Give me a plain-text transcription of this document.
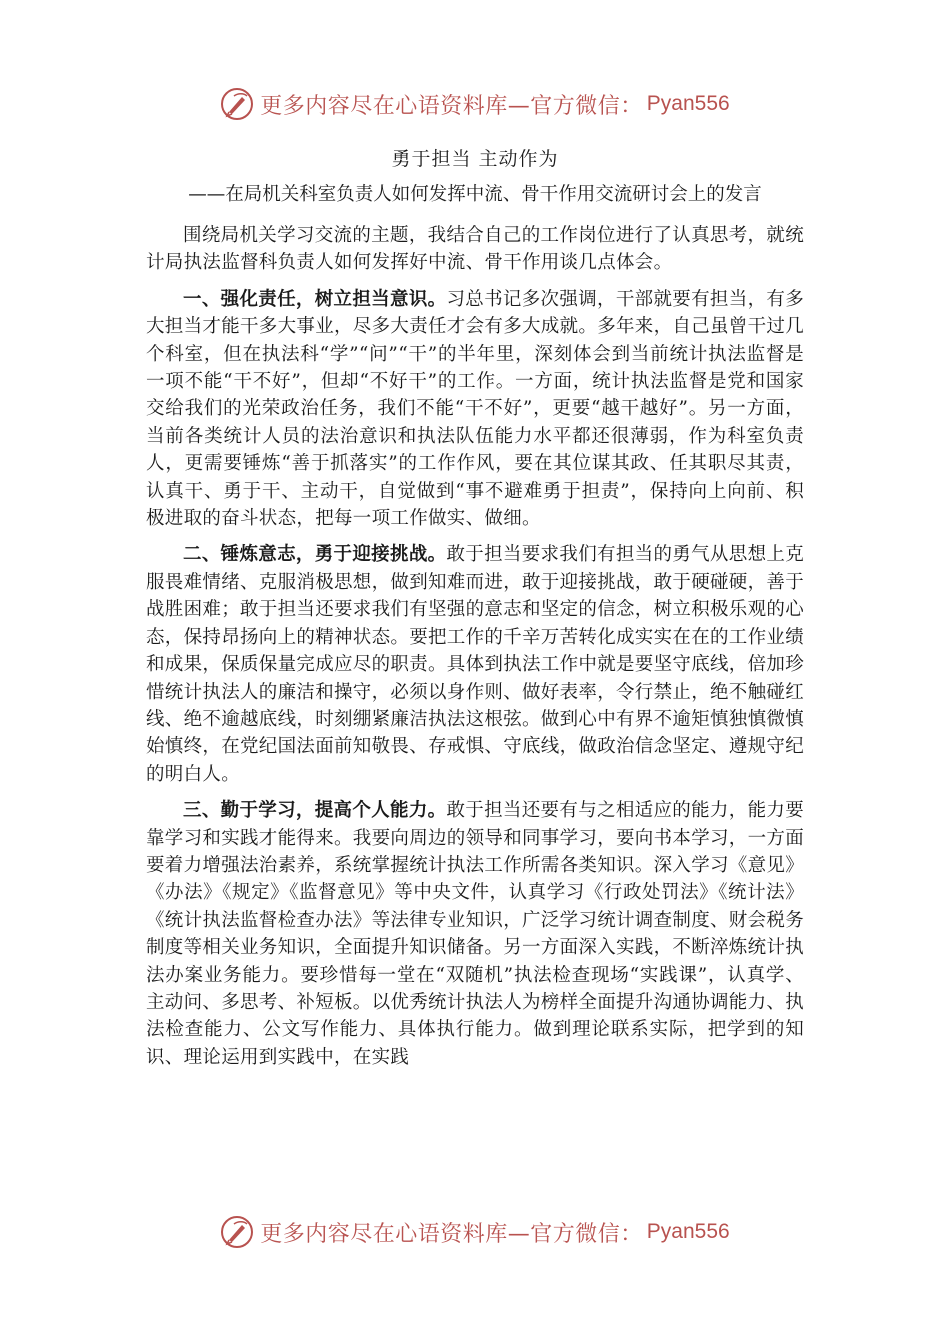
更多内容尽在心语资料库—官方微信： Pyan556
勇于担当 主动作为
——在局机关科室负责人如何发挥中流、骨干作用交流研讨会上的发言

围绕局机关学习交流的主题，我结合自己的工作岗位进行了认真思考，就统计局执法监督科负责人如何发挥好中流、骨干作用谈几点体会。

一、强化责任，树立担当意识。习总书记多次强调，干部就要有担当，有多大担当才能干多大事业，尽多大责任才会有多大成就。多年来，自己虽曾干过几个科室，但在执法科“学”“问”“干”的半年里，深刻体会到当前统计执法监督是一项不能“干不好”，但却“不好干”的工作。一方面，统计执法监督是党和国家交给我们的光荣政治任务，我们不能“干不好”，更要“越干越好”。另一方面，当前各类统计人员的法治意识和执法队伍能力水平都还很薄弱，作为科室负责人，更需要锤炼“善于抓落实”的工作作风，要在其位谋其政、任其职尽其责，认真干、勇于干、主动干，自觉做到“事不避难勇于担责”，保持向上向前、积极进取的奋斗状态，把每一项工作做实、做细。

二、锤炼意志，勇于迎接挑战。敢于担当要求我们有担当的勇气从思想上克服畏难情绪、克服消极思想，做到知难而进，敢于迎接挑战，敢于硬碰硬，善于战胜困难；敢于担当还要求我们有坚强的意志和坚定的信念，树立积极乐观的心态，保持昂扬向上的精神状态。要把工作的千辛万苦转化成实实在在的工作业绩和成果，保质保量完成应尽的职责。具体到执法工作中就是要坚守底线，倍加珍惜统计执法人的廉洁和操守，必须以身作则、做好表率，令行禁止，绝不触碰红线、绝不逾越底线，时刻绷紧廉洁执法这根弦。做到心中有界不逾矩慎独慎微慎始慎终，在党纪国法面前知敬畏、存戒惧、守底线，做政治信念坚定、遵规守纪的明白人。

三、勤于学习，提高个人能力。敢于担当还要有与之相适应的能力，能力要靠学习和实践才能得来。我要向周边的领导和同事学习，要向书本学习，一方面要着力增强法治素养，系统掌握统计执法工作所需各类知识。深入学习《意见》《办法》《规定》《监督意见》等中央文件，认真学习《行政处罚法》《统计法》《统计执法监督检查办法》等法律专业知识，广泛学习统计调查制度、财会税务制度等相关业务知识，全面提升知识储备。另一方面深入实践，不断淬炼统计执法办案业务能力。要珍惜每一堂在“双随机”执法检查现场“实践课”，认真学、主动问、多思考、补短板。以优秀统计执法人为榜样全面提升沟通协调能力、执法检查能力、公文写作能力、具体执行能力。做到理论联系实际，把学到的知识、理论运用到实践中，在实践

更多内容尽在心语资料库—官方微信： Pyan556
